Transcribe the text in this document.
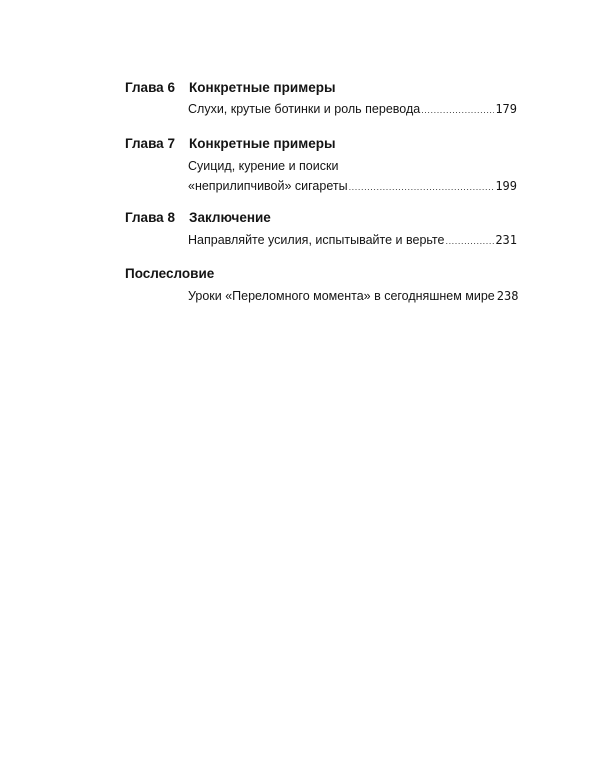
Глава 6 Конкретные примеры
Слухи, крутые ботинки и роль перевода .....	179
Глава 7 Конкретные примеры
Суицид, курение и поиски
«неприлипчивой» сигареты .....	199
Глава 8 Заключение
Направляйте усилия, испытывайте и верьте .....	231
Послесловие
Уроки «Переломного момента» в сегодняшнем мире 238
